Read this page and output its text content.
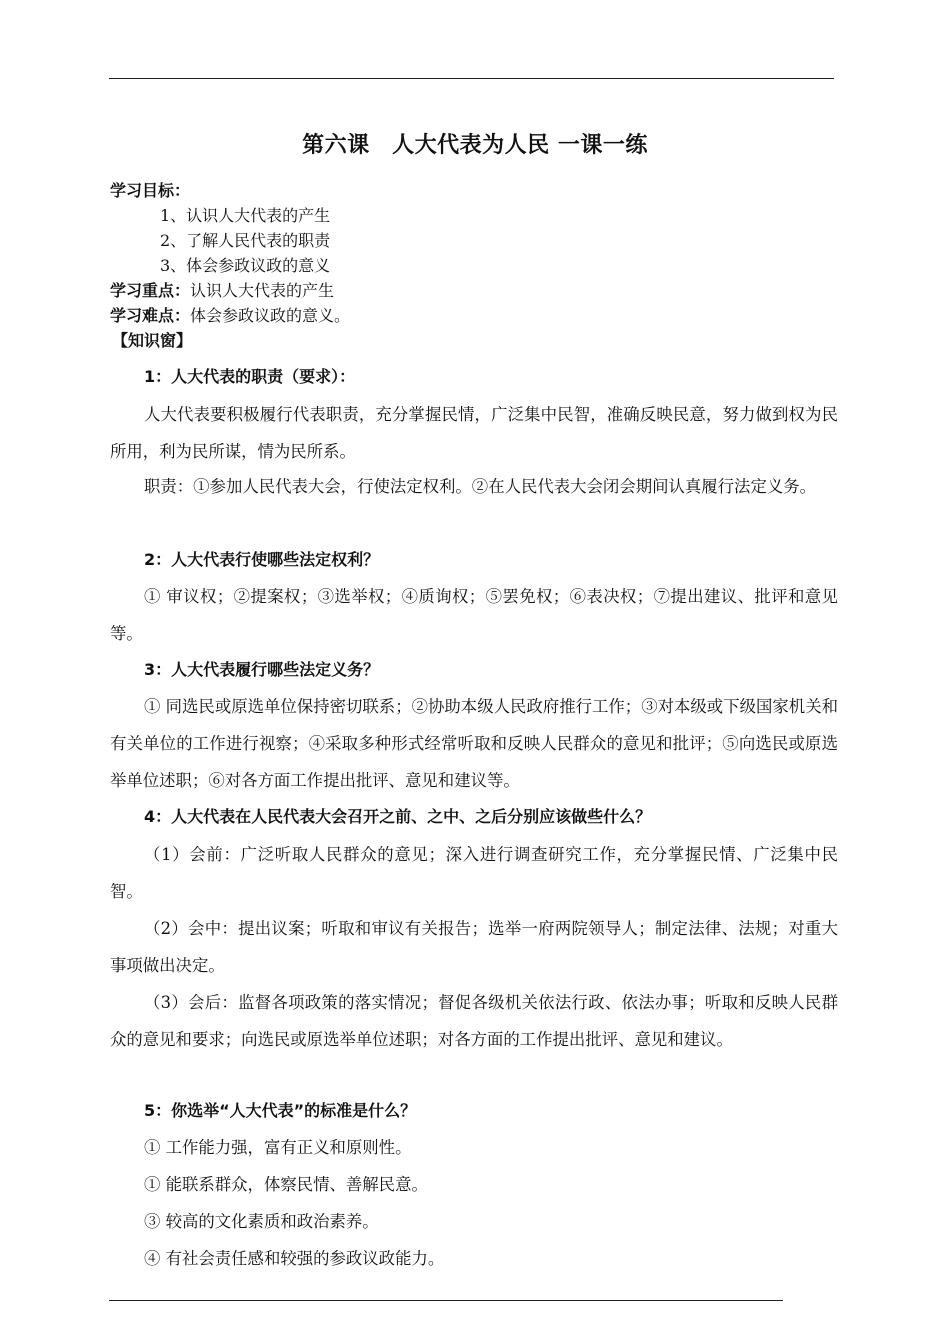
第六课　人大代表为人民 一课一练
学习目标：
1、认识人大代表的产生
2、了解人民代表的职责
3、体会参政议政的意义
学习重点：认识人大代表的产生
学习难点：体会参政议政的意义。
【知识窗】
1：人大代表的职责（要求）：
人大代表要积极履行代表职责，充分掌握民情，广泛集中民智，准确反映民意，努力做到权为民所用，利为民所谋，情为民所系。
职责：①参加人民代表大会，行使法定权利。②在人民代表大会闭会期间认真履行法定义务。
2：人大代表行使哪些法定权利？
① 审议权；②提案权；③选举权；④质询权；⑤罢免权；⑥表决权；⑦提出建议、批评和意见等。
3：人大代表履行哪些法定义务？
① 同选民或原选单位保持密切联系；②协助本级人民政府推行工作；③对本级或下级国家机关和有关单位的工作进行视察；④采取多种形式经常听取和反映人民群众的意见和批评；⑤向选民或原选举单位述职；⑥对各方面工作提出批评、意见和建议等。
4：人大代表在人民代表大会召开之前、之中、之后分别应该做些什么？
（1）会前：广泛听取人民群众的意见；深入进行调查研究工作，充分掌握民情、广泛集中民智。
（2）会中：提出议案；听取和审议有关报告；选举一府两院领导人；制定法律、法规；对重大事项做出决定。
（3）会后：监督各项政策的落实情况；督促各级机关依法行政、依法办事；听取和反映人民群众的意见和要求；向选民或原选举单位述职；对各方面的工作提出批评、意见和建议。
5：你选举“人大代表”的标准是什么？
① 工作能力强，富有正义和原则性。
① 能联系群众，体察民情、善解民意。
③ 较高的文化素质和政治素养。
④ 有社会责任感和较强的参政议政能力。
